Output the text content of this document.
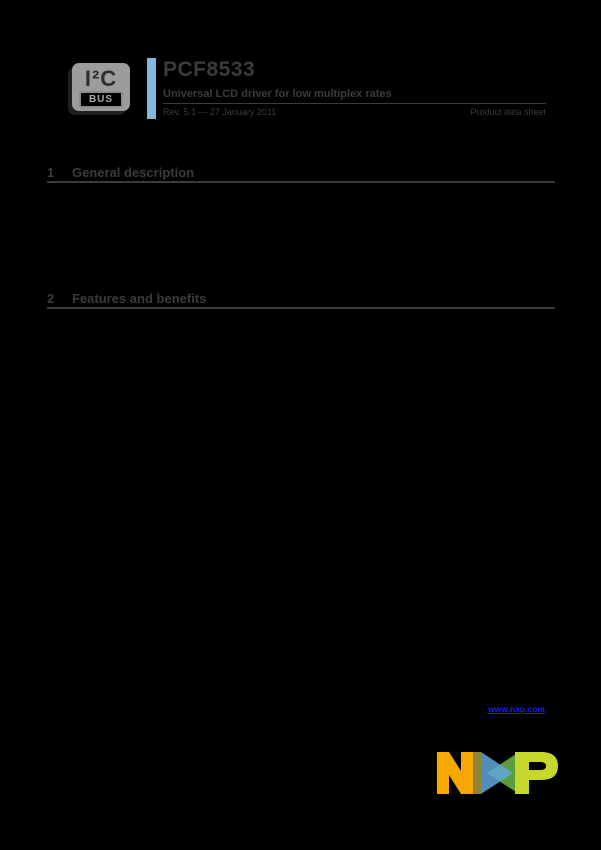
I²C
BUS
PCF8533
Universal LCD driver for low multiplex rates
Rev. 5.1 — 27 January 2011	Product data sheet
1 General description
2 Features and benefits
www.nxp.com
